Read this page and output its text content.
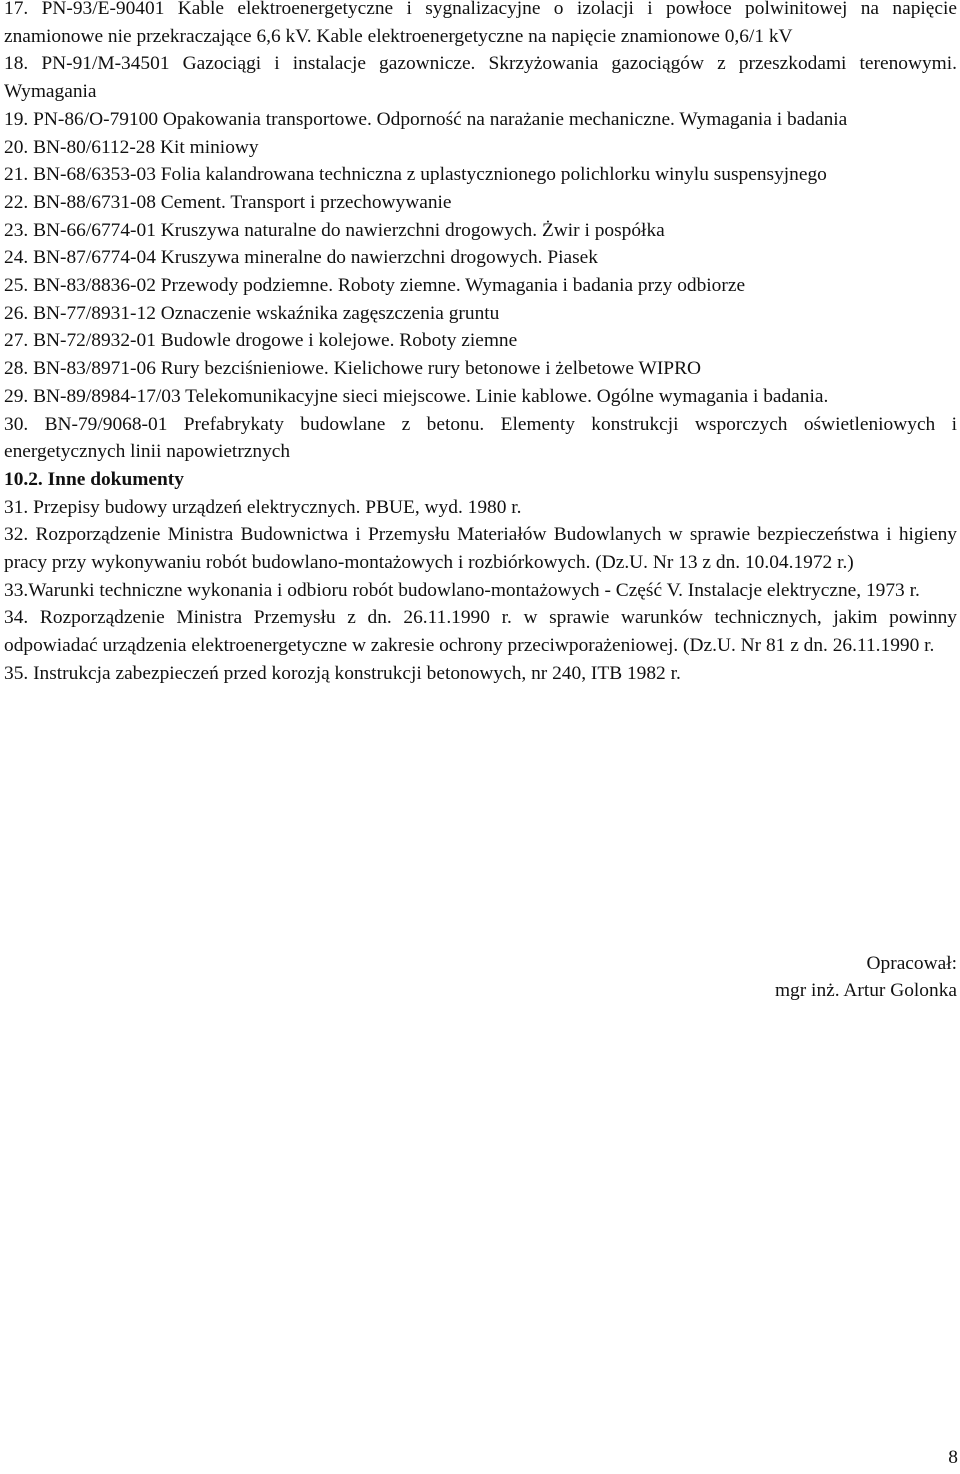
17. PN-93/E-90401 Kable elektroenergetyczne i sygnalizacyjne o izolacji i powłoce polwinitowej na napięcie znamionowe nie przekraczające 6,6 kV. Kable elektroenergetyczne na napięcie znamionowe 0,6/1 kV

18. PN-91/M-34501 Gazociągi i instalacje gazownicze. Skrzyżowania gazociągów z przeszkodami terenowymi. Wymagania

19. PN-86/O-79100 Opakowania transportowe. Odporność na narażanie mechaniczne. Wymagania i badania

20. BN-80/6112-28 Kit miniowy

21. BN-68/6353-03 Folia kalandrowana techniczna z uplastycznionego polichlorku winylu suspensyjnego

22. BN-88/6731-08 Cement. Transport i przechowywanie

23. BN-66/6774-01 Kruszywa naturalne do nawierzchni drogowych. Żwir i pospółka

24. BN-87/6774-04 Kruszywa mineralne do nawierzchni drogowych. Piasek

25. BN-83/8836-02 Przewody podziemne. Roboty ziemne. Wymagania i badania przy odbiorze

26. BN-77/8931-12 Oznaczenie wskaźnika zagęszczenia gruntu

27. BN-72/8932-01 Budowle drogowe i kolejowe. Roboty ziemne

28. BN-83/8971-06 Rury bezciśnieniowe. Kielichowe rury betonowe i żelbetowe WIPRO

29. BN-89/8984-17/03 Telekomunikacyjne sieci miejscowe. Linie kablowe. Ogólne wymagania i badania.

30. BN-79/9068-01 Prefabrykaty budowlane z betonu. Elementy konstrukcji wsporczych oświetleniowych i energetycznych linii napowietrznych

10.2. Inne dokumenty

31. Przepisy budowy urządzeń elektrycznych. PBUE, wyd. 1980 r.

32. Rozporządzenie Ministra Budownictwa i Przemysłu Materiałów Budowlanych w sprawie bezpieczeństwa i higieny pracy przy wykonywaniu robót budowlano-montażowych i rozbiórkowych. (Dz.U. Nr 13 z dn. 10.04.1972 r.)

33.Warunki techniczne wykonania i odbioru robót budowlano-montażowych - Część V. Instalacje elektryczne, 1973 r.

34. Rozporządzenie Ministra Przemysłu z dn. 26.11.1990 r. w sprawie warunków technicznych, jakim powinny odpowiadać urządzenia elektroenergetyczne w zakresie ochrony przeciwporażeniowej. (Dz.U. Nr 81 z dn. 26.11.1990 r.

35. Instrukcja zabezpieczeń przed korozją konstrukcji betonowych, nr 240, ITB 1982 r.

Opracował:
mgr inż. Artur Golonka
8
